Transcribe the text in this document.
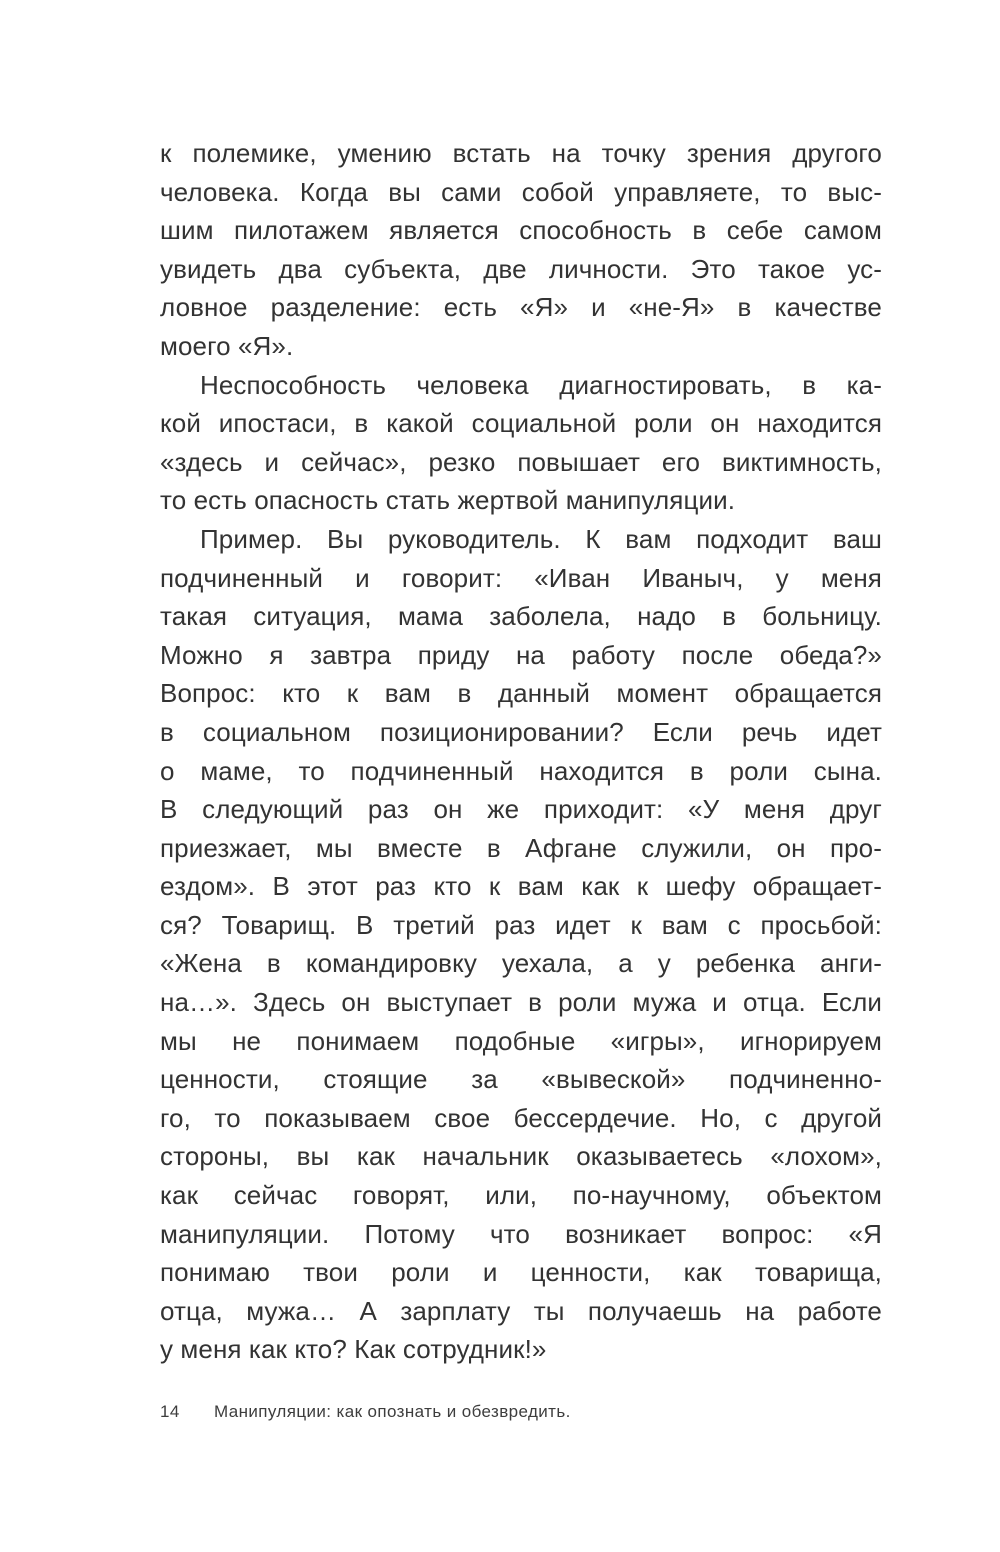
к полемике, умению встать на точку зрения другого
человека. Когда вы сами собой управляете, то выс-
шим пилотажем является способность в себе самом
увидеть два субъекта, две личности. Это такое ус-
ловное разделение: есть «Я» и «не-Я» в качестве
моего «Я».
Неспособность человека диагностировать, в ка-
кой ипостаси, в какой социальной роли он находится
«здесь и сейчас», резко повышает его виктимность,
то есть опасность стать жертвой манипуляции.
Пример. Вы руководитель. К вам подходит ваш
подчиненный и говорит: «Иван Иваныч, у меня
такая ситуация, мама заболела, надо в больницу.
Можно я завтра приду на работу после обеда?»
Вопрос: кто к вам в данный момент обращается
в социальном позиционировании? Если речь идет
о маме, то подчиненный находится в роли сына.
В следующий раз он же приходит: «У меня друг
приезжает, мы вместе в Афгане служили, он про-
ездом». В этот раз кто к вам как к шефу обращает-
ся? Товарищ. В третий раз идет к вам с просьбой:
«Жена в командировку уехала, а у ребенка анги-
на…». Здесь он выступает в роли мужа и отца. Если
мы не понимаем подобные «игры», игнорируем
ценности, стоящие за «вывеской» подчиненно-
го, то показываем свое бессердечие. Но, с другой
стороны, вы как начальник оказываетесь «лохом»,
как сейчас говорят, или, по-научному, объектом
манипуляции. Потому что возникает вопрос: «Я
понимаю твои роли и ценности, как товарища,
отца, мужа… А зарплату ты получаешь на работе
у меня как кто? Как сотрудник!»
14 Манипуляции: как опознать и обезвредить.
